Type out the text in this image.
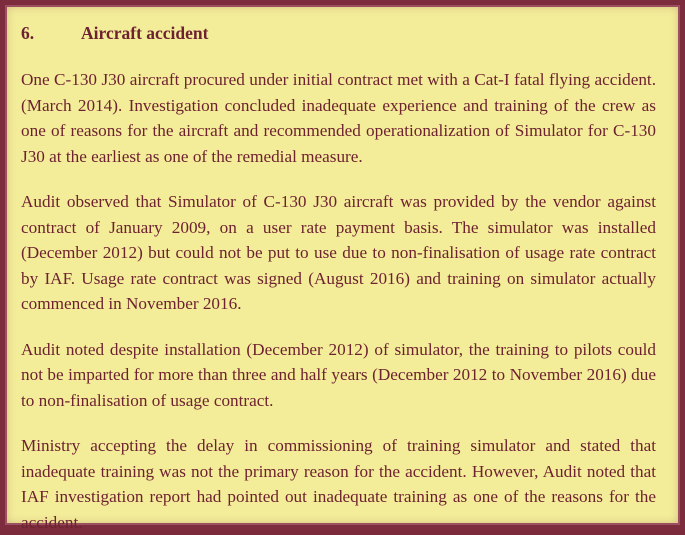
6.	Aircraft accident

One C-130 J30 aircraft procured under initial contract met with a Cat-I fatal flying accident. (March 2014). Investigation concluded inadequate experience and training of the crew as one of reasons for the aircraft and recommended operationalization of Simulator for C-130 J30 at the earliest as one of the remedial measure.

Audit observed that Simulator of C-130 J30 aircraft was provided by the vendor against contract of January 2009, on a user rate payment basis. The simulator was installed (December 2012) but could not be put to use due to non-finalisation of usage rate contract by IAF. Usage rate contract was signed (August 2016) and training on simulator actually commenced in November 2016.

Audit noted despite installation (December 2012) of simulator, the training to pilots could not be imparted for more than three and half years (December 2012 to November 2016) due to non-finalisation of usage contract.

Ministry accepting the delay in commissioning of training simulator and stated that inadequate training was not the primary reason for the accident. However, Audit noted that IAF investigation report had pointed out inadequate training as one of the reasons for the accident.
